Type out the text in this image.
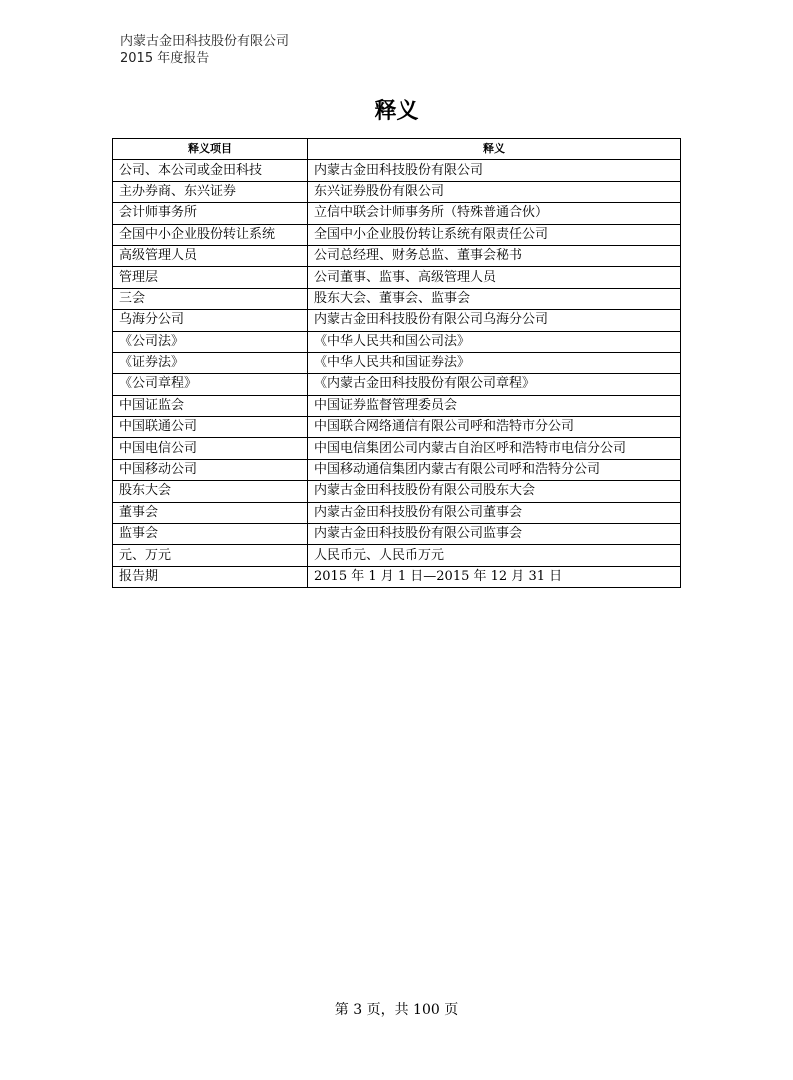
内蒙古金田科技股份有限公司
2015 年度报告
释义
释义项目	释义
公司、本公司或金田科技	内蒙古金田科技股份有限公司
主办券商、东兴证券	东兴证券股份有限公司
会计师事务所	立信中联会计师事务所（特殊普通合伙）
全国中小企业股份转让系统	全国中小企业股份转让系统有限责任公司
高级管理人员	公司总经理、财务总监、董事会秘书
管理层	公司董事、监事、高级管理人员
三会	股东大会、董事会、监事会
乌海分公司	内蒙古金田科技股份有限公司乌海分公司
《公司法》	《中华人民共和国公司法》
《证券法》	《中华人民共和国证券法》
《公司章程》	《内蒙古金田科技股份有限公司章程》
中国证监会	中国证券监督管理委员会
中国联通公司	中国联合网络通信有限公司呼和浩特市分公司
中国电信公司	中国电信集团公司内蒙古自治区呼和浩特市电信分公司
中国移动公司	中国移动通信集团内蒙古有限公司呼和浩特分公司
股东大会	内蒙古金田科技股份有限公司股东大会
董事会	内蒙古金田科技股份有限公司董事会
监事会	内蒙古金田科技股份有限公司监事会
元、万元	人民币元、人民币万元
报告期	2015 年 1 月 1 日—2015 年 12 月 31 日
第 3 页，共 100 页
